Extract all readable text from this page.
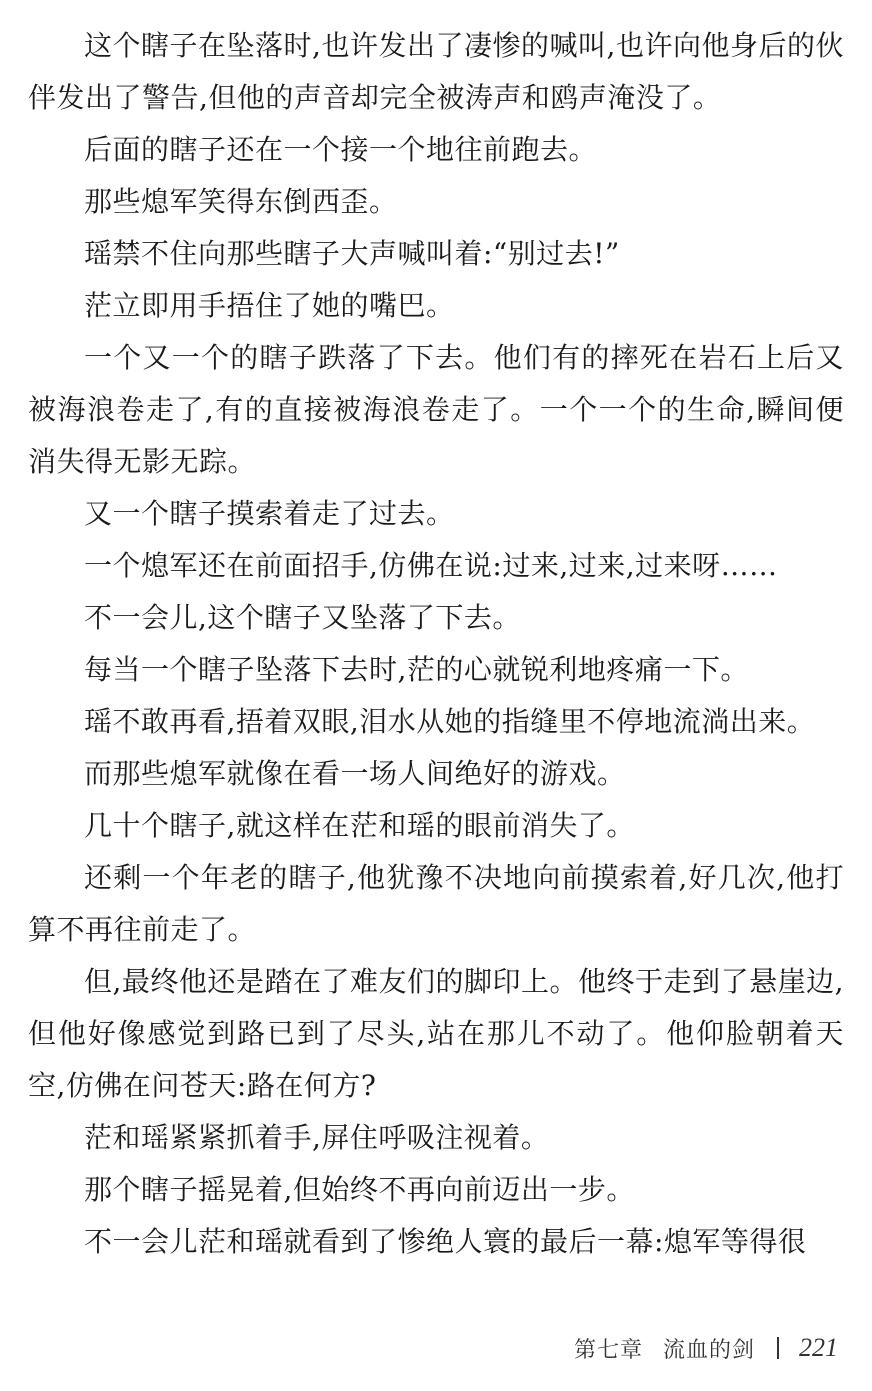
这个瞎子在坠落时,也许发出了凄惨的喊叫,也许向他身后的伙伴发出了警告,但他的声音却完全被涛声和鸥声淹没了。

后面的瞎子还在一个接一个地往前跑去。

那些熄军笑得东倒西歪。

瑶禁不住向那些瞎子大声喊叫着:“别过去!”

茫立即用手捂住了她的嘴巴。

一个又一个的瞎子跌落了下去。他们有的摔死在岩石上后又被海浪卷走了,有的直接被海浪卷走了。一个一个的生命,瞬间便消失得无影无踪。

又一个瞎子摸索着走了过去。

一个熄军还在前面招手,仿佛在说:过来,过来,过来呀……

不一会儿,这个瞎子又坠落了下去。

每当一个瞎子坠落下去时,茫的心就锐利地疼痛一下。

瑶不敢再看,捂着双眼,泪水从她的指缝里不停地流淌出来。

而那些熄军就像在看一场人间绝好的游戏。

几十个瞎子,就这样在茫和瑶的眼前消失了。

还剩一个年老的瞎子,他犹豫不决地向前摸索着,好几次,他打算不再往前走了。

但,最终他还是踏在了难友们的脚印上。他终于走到了悬崖边,但他好像感觉到路已到了尽头,站在那儿不动了。他仰脸朝着天空,仿佛在问苍天:路在何方?

茫和瑶紧紧抓着手,屏住呼吸注视着。

那个瞎子摇晃着,但始终不再向前迈出一步。

不一会儿茫和瑶就看到了惨绝人寰的最后一幕:熄军等得很

第七章 流血的剑 221
